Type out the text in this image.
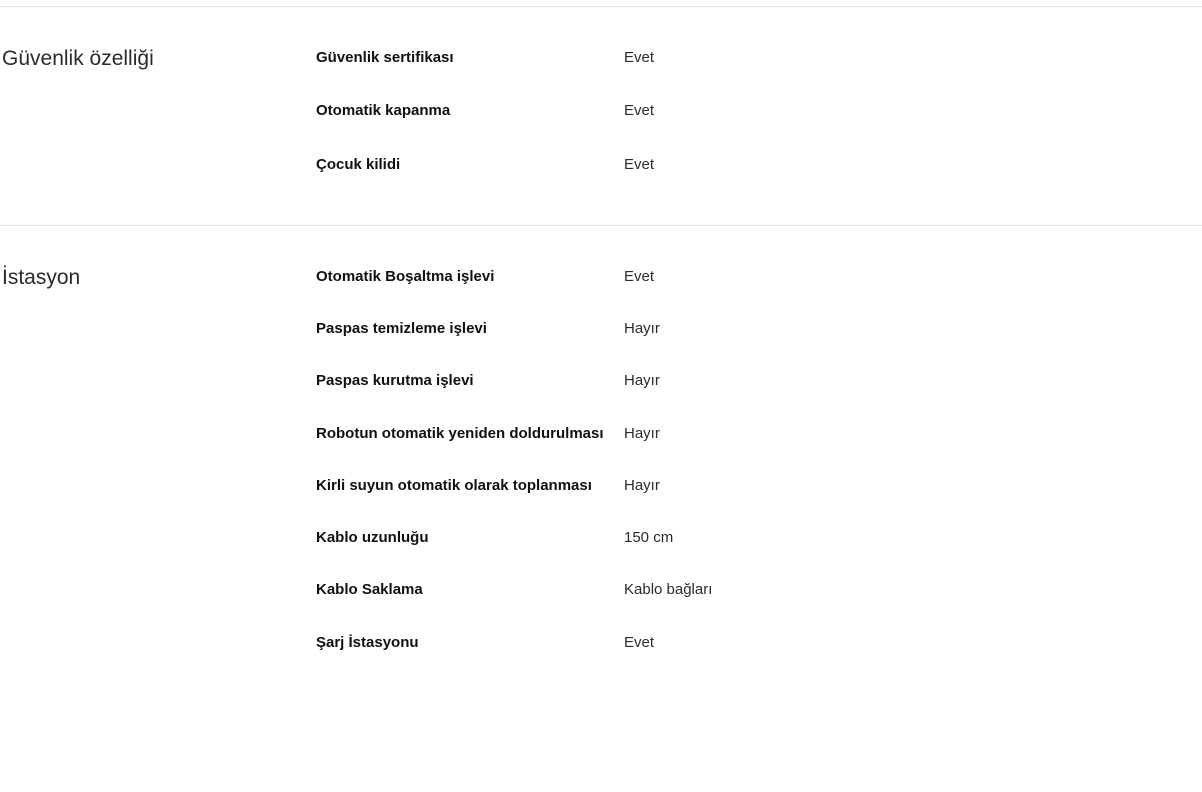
Güvenlik özelliği	Güvenlik sertifikası	Evet
Otomatik kapanma	Evet
Çocuk kilidi	Evet
İstasyon	Otomatik Boşaltma işlevi	Evet
Paspas temizleme işlevi	Hayır
Paspas kurutma işlevi	Hayır
Robotun otomatik yeniden doldurulması	Hayır
Kirli suyun otomatik olarak toplanması	Hayır
Kablo uzunluğu	150 cm
Kablo Saklama	Kablo bağları
Şarj İstasyonu	Evet
